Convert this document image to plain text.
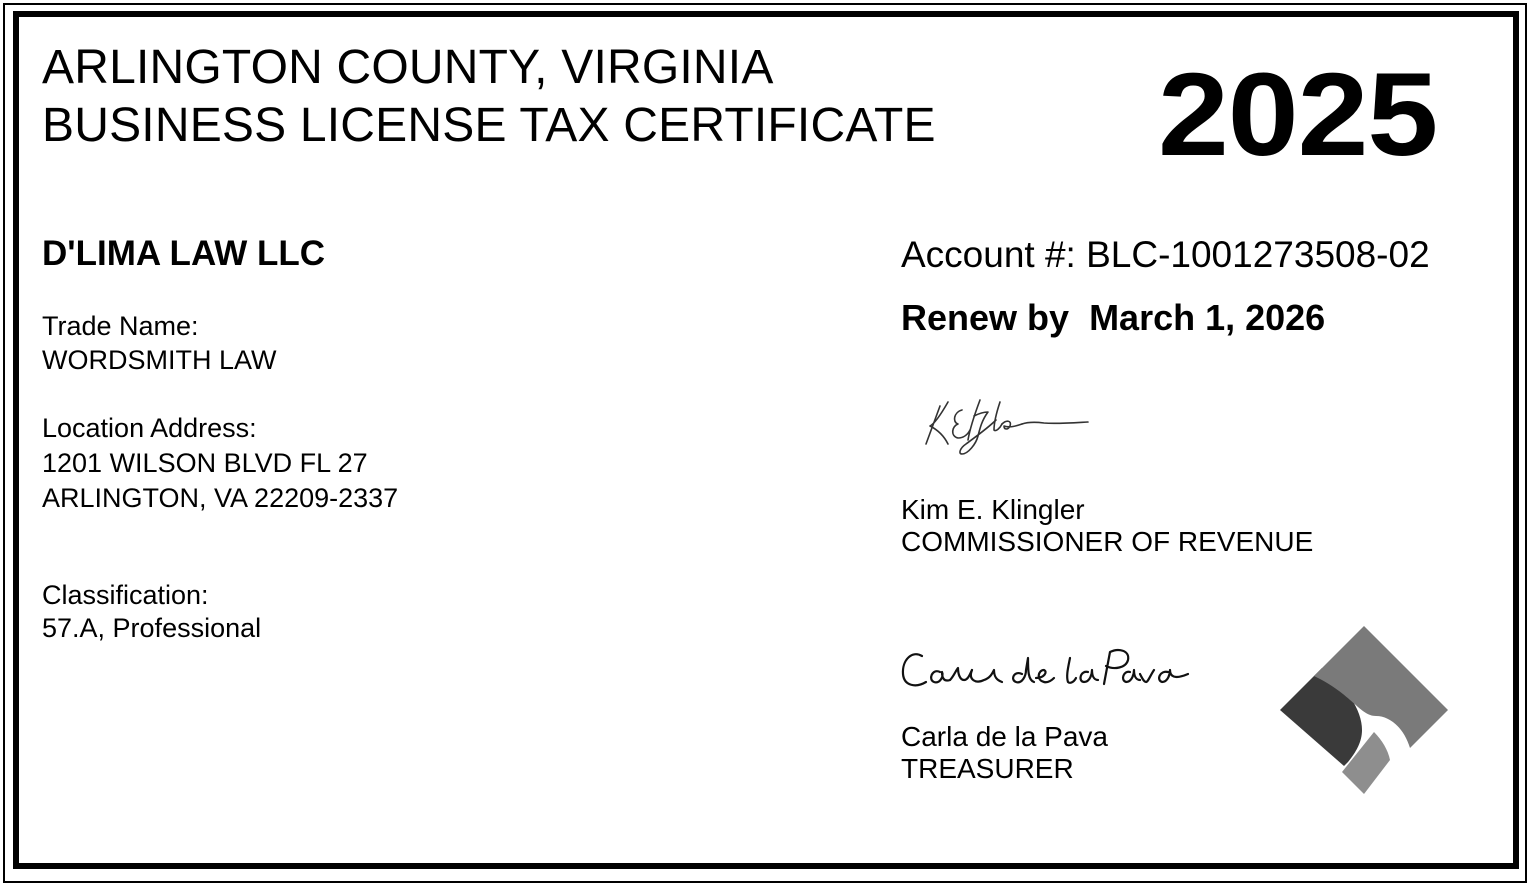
ARLINGTON COUNTY, VIRGINIA
BUSINESS LICENSE TAX CERTIFICATE 2025
D'LIMA LAW LLC
Trade Name:
WORDSMITH LAW
Location Address:
1201 WILSON BLVD FL 27
ARLINGTON, VA 22209-2337
Classification:
57.A, Professional
Account #: BLC-1001273508-02
Renew by March 1, 2026
Kim E. Klingler
COMMISSIONER OF REVENUE
Carla de la Pava
TREASURER
